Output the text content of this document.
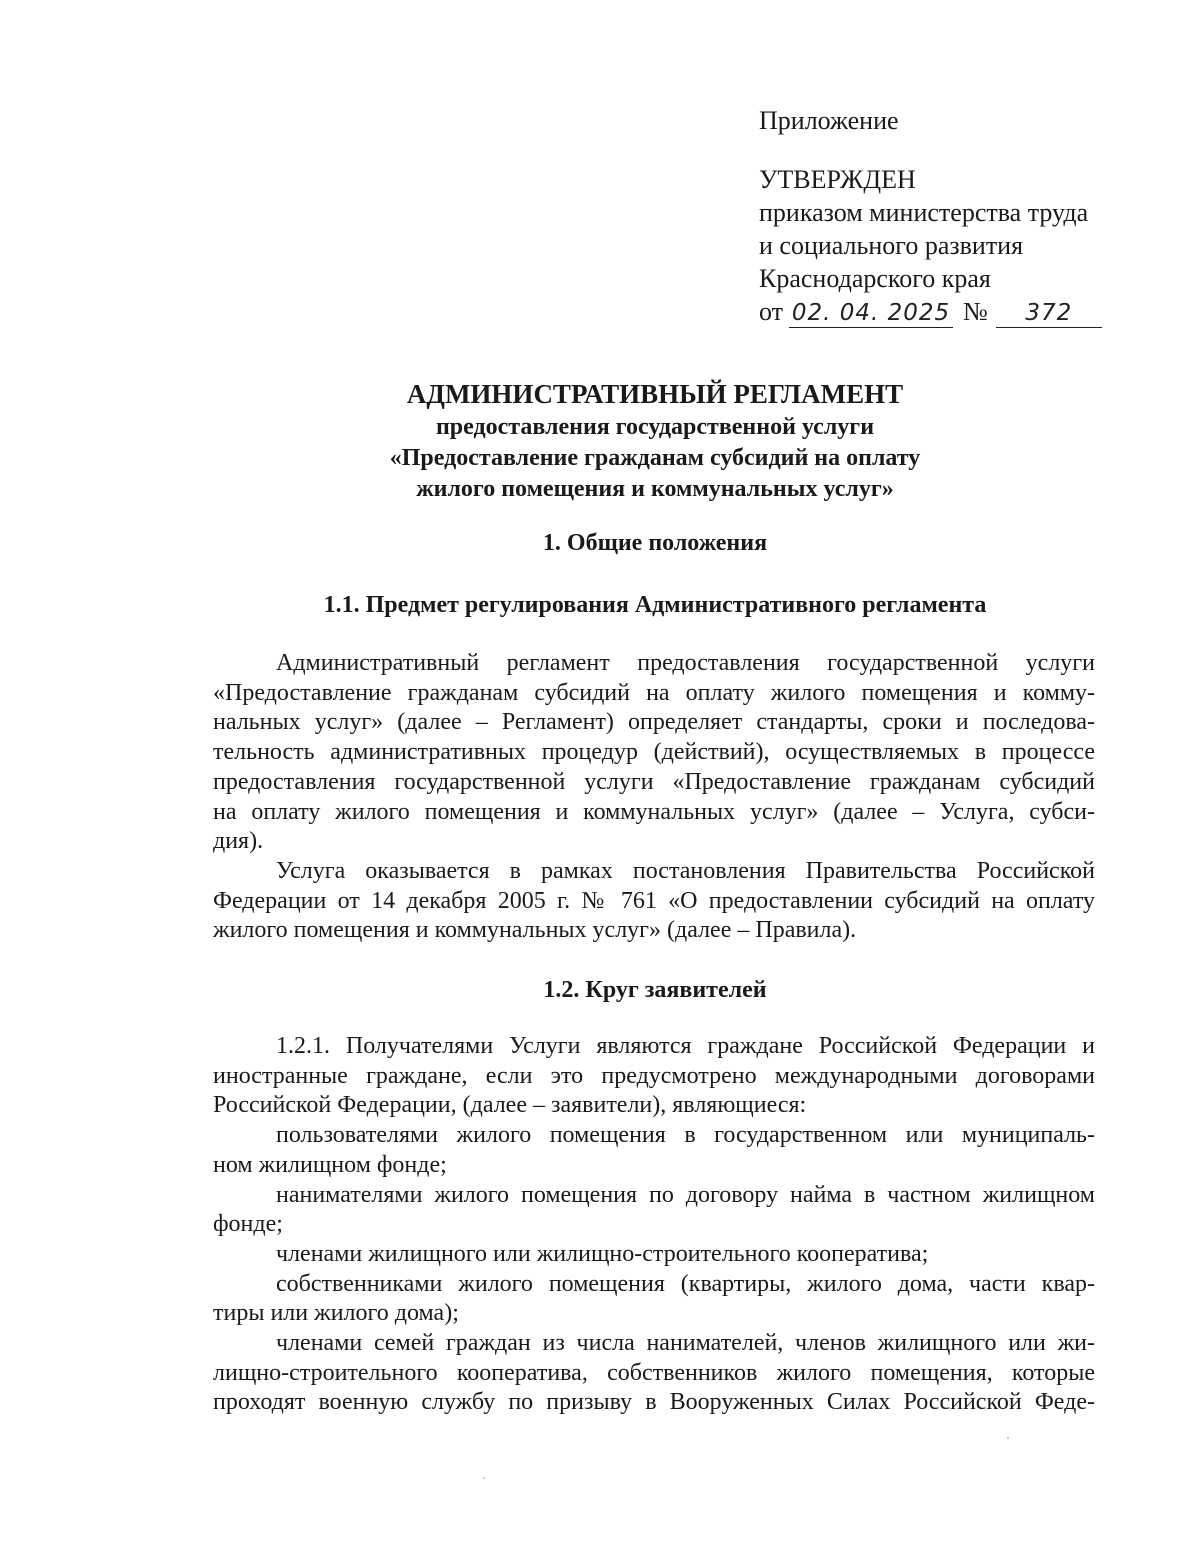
Приложение
УТВЕРЖДЕН
приказом министерства труда
и социального развития
Краснодарского края
от 02. 04. 2025 №	372
АДМИНИСТРАТИВНЫЙ РЕГЛАМЕНТ
предоставления государственной услуги
«Предоставление гражданам субсидий на оплату
жилого помещения и коммунальных услуг»
1. Общие положения
1.1. Предмет регулирования Административного регламента

Административный регламент предоставления государственной услуги

«Предоставление гражданам субсидий на оплату жилого помещения и комму-

нальных услуг» (далее – Регламент) определяет стандарты, сроки и последова-

тельность административных процедур (действий), осуществляемых в процессе

предоставления государственной услуги «Предоставление гражданам субсидий

на оплату жилого помещения и коммунальных услуг» (далее – Услуга, субси-

дия).

Услуга оказывается в рамках постановления Правительства Российской

Федерации от 14 декабря 2005 г. № 761 «О предоставлении субсидий на оплату

жилого помещения и коммунальных услуг» (далее – Правила).

1.2. Круг заявителей

1.2.1. Получателями Услуги являются граждане Российской Федерации и

иностранные граждане, если это предусмотрено международными договорами

Российской Федерации, (далее – заявители), являющиеся:

пользователями жилого помещения в государственном или муниципаль-

ном жилищном фонде;

нанимателями жилого помещения по договору найма в частном жилищном

фонде;

членами жилищного или жилищно-строительного кооператива;

собственниками жилого помещения (квартиры, жилого дома, части квар-

тиры или жилого дома);

членами семей граждан из числа нанимателей, членов жилищного или жи-

лищно-строительного кооператива, собственников жилого помещения, которые

проходят военную службу по призыву в Вооруженных Силах Российской Феде-
